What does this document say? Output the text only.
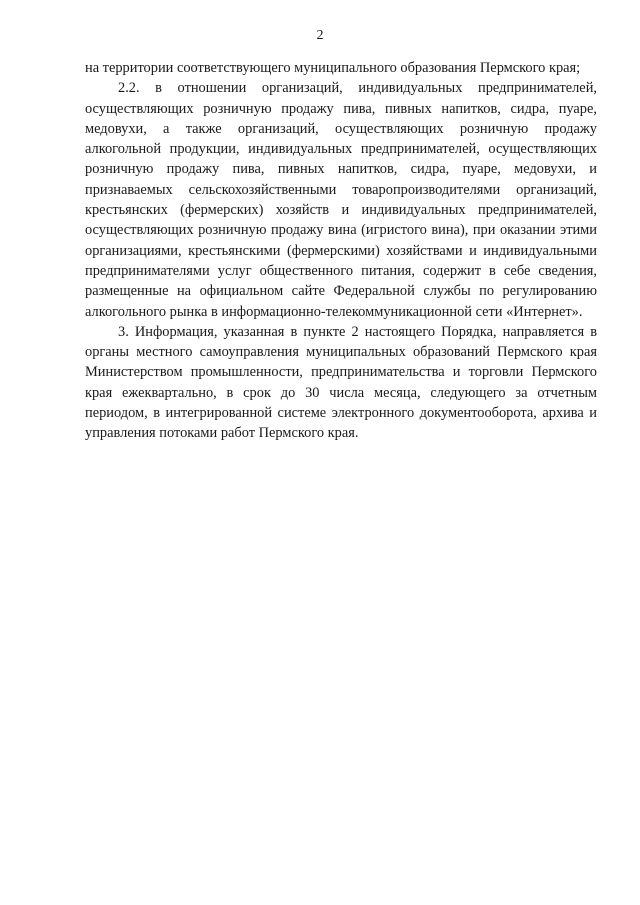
2

на территории соответствующего муниципального образования Пермского края;

2.2. в отношении организаций, индивидуальных предпринимателей, осуществляющих розничную продажу пива, пивных напитков, сидра, пуаре, медовухи, а также организаций, осуществляющих розничную продажу алкогольной продукции, индивидуальных предпринимателей, осуществляющих розничную продажу пива, пивных напитков, сидра, пуаре, медовухи, и признаваемых сельскохозяйственными товаропроизводителями организаций, крестьянских (фермерских) хозяйств и индивидуальных предпринимателей, осуществляющих розничную продажу вина (игристого вина), при оказании этими организациями, крестьянскими (фермерскими) хозяйствами и индивидуальными предпринимателями услуг общественного питания, содержит в себе сведения, размещенные на официальном сайте Федеральной службы по регулированию алкогольного рынка в информационно-телекоммуникационной сети «Интернет».

3. Информация, указанная в пункте 2 настоящего Порядка, направляется в органы местного самоуправления муниципальных образований Пермского края Министерством промышленности, предпринимательства и торговли Пермского края ежеквартально, в срок до 30 числа месяца, следующего за отчетным периодом, в интегрированной системе электронного документооборота, архива и управления потоками работ Пермского края.
